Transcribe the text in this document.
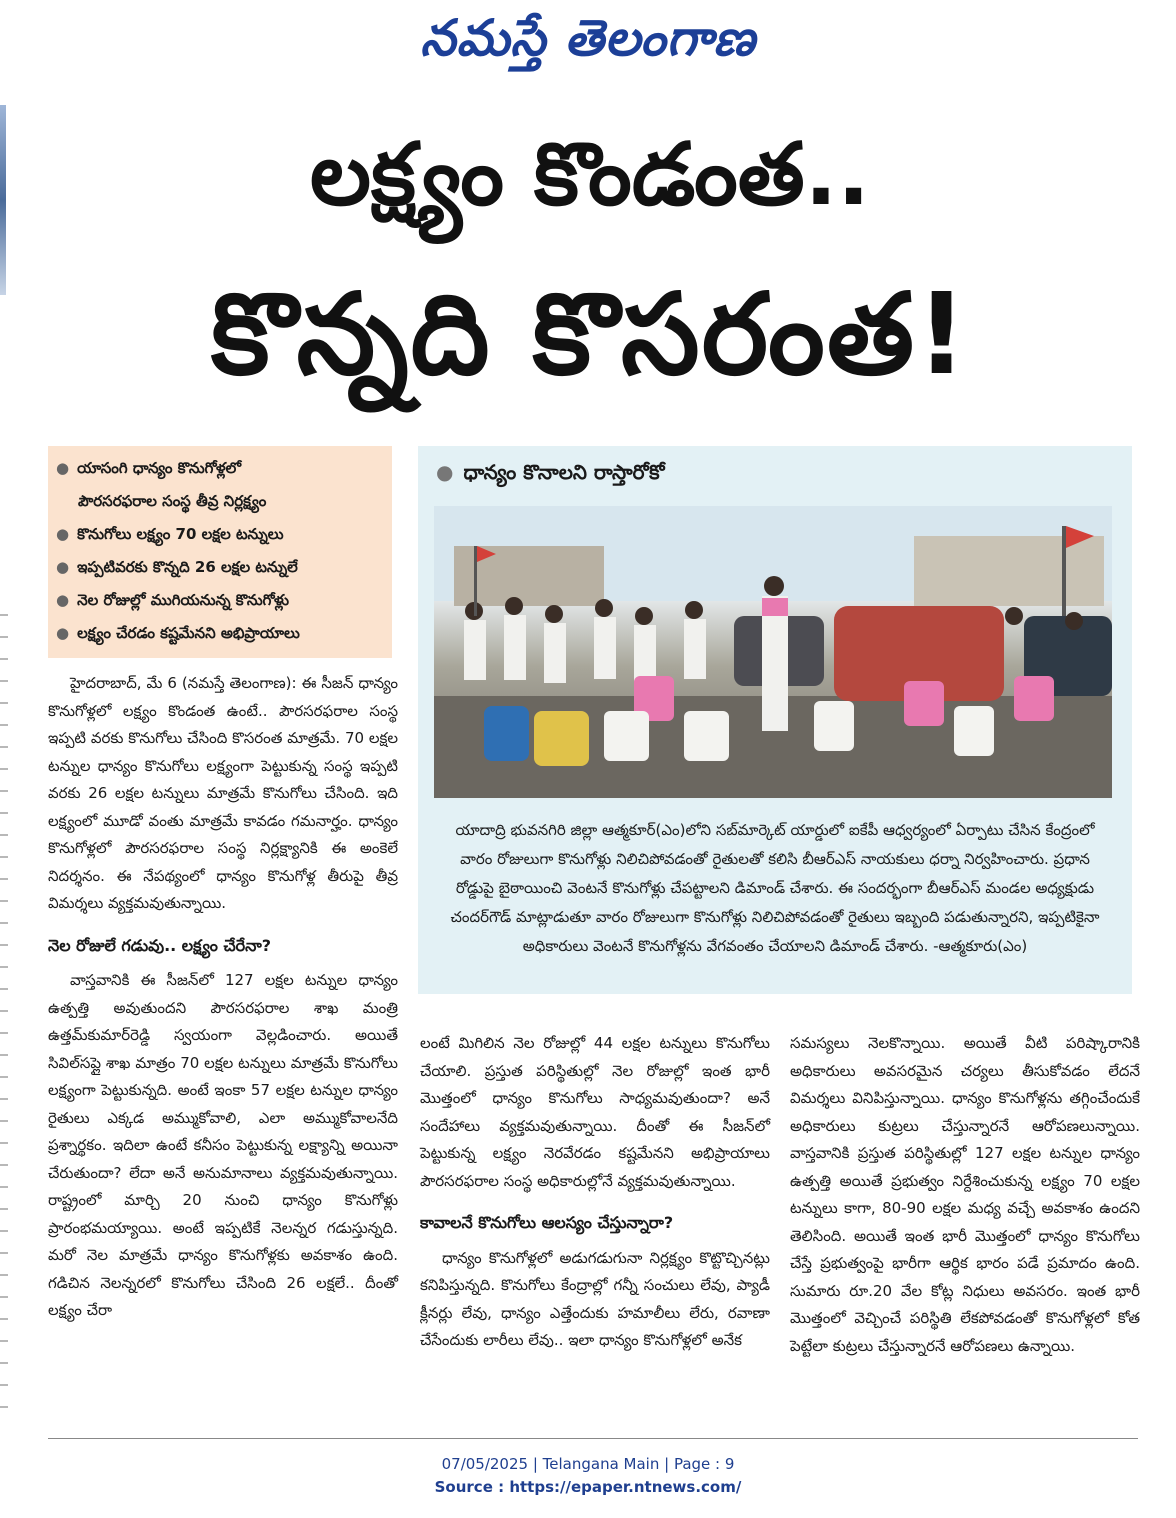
నమస్తే తెలంగాణ
లక్ష్యం కొండంత..
కొన్నది కొసరంత!
● యాసంగి ధాన్యం కొనుగోళ్లలో
పౌరసరఫరాల సంస్థ తీవ్ర నిర్లక్ష్యం
● కొనుగోలు లక్ష్యం 70 లక్షల టన్నులు
● ఇప్పటివరకు కొన్నది 26 లక్షల టన్నులే
● నెల రోజుల్లో ముగియనున్న కొనుగోళ్లు
● లక్ష్యం చేరడం కష్టమేనని అభిప్రాయాలు
● ధాన్యం కొనాలని రాస్తారోకో
యాదాద్రి భువనగిరి జిల్లా ఆత్మకూర్(ఎం)లోని సబ్‌మార్కెట్ యార్డులో ఐకేపీ ఆధ్వర్యంలో ఏర్పాటు చేసిన కేంద్రంలో వారం రోజులుగా కొనుగోళ్లు నిలిచిపోవడంతో రైతులతో కలిసి బీఆర్ఎస్ నాయకులు ధర్నా నిర్వహించారు. ప్రధాన రోడ్డుపై బైఠాయించి వెంటనే కొనుగోళ్లు చేపట్టాలని డిమాండ్ చేశారు. ఈ సందర్భంగా బీఆర్ఎస్ మండల అధ్యక్షుడు చందర్‌గౌడ్ మాట్లాడుతూ వారం రోజులుగా కొనుగోళ్లు నిలిచిపోవడంతో రైతులు ఇబ్బంది పడుతున్నారని, ఇప్పటికైనా అధికారులు వెంటనే కొనుగోళ్లను వేగవంతం చేయాలని డిమాండ్ చేశారు. -ఆత్మకూరు(ఎం)

హైదరాబాద్, మే 6 (నమస్తే తెలంగాణ): ఈ సీజన్ ధాన్యం కొనుగోళ్లలో లక్ష్యం కొండంత ఉంటే.. పౌరసరఫరాల సంస్థ ఇప్పటి వరకు కొనుగోలు చేసింది కొసరంత మాత్రమే. 70 లక్షల టన్నుల ధాన్యం కొనుగోలు లక్ష్యంగా పెట్టుకున్న సంస్థ ఇప్పటి వరకు 26 లక్షల టన్నులు మాత్రమే కొనుగోలు చేసింది. ఇది లక్ష్యంలో మూడో వంతు మాత్రమే కావడం గమనార్హం. ధాన్యం కొనుగోళ్లలో పౌరసరఫరాల సంస్థ నిర్లక్ష్యానికి ఈ అంకెలే నిదర్శనం. ఈ నేపథ్యంలో ధాన్యం కొనుగోళ్ల తీరుపై తీవ్ర విమర్శలు వ్యక్తమవుతున్నాయి.

నెల రోజులే గడువు.. లక్ష్యం చేరేనా?

వాస్తవానికి ఈ సీజన్‌లో 127 లక్షల టన్నుల ధాన్యం ఉత్పత్తి అవుతుందని పౌరసరఫరాల శాఖ మంత్రి ఉత్తమ్‌కుమార్‌రెడ్డి స్వయంగా వెల్లడించారు. అయితే సివిల్‌సప్లై శాఖ మాత్రం 70 లక్షల టన్నులు మాత్రమే కొనుగోలు లక్ష్యంగా పెట్టుకున్నది. అంటే ఇంకా 57 లక్షల టన్నుల ధాన్యం రైతులు ఎక్కడ అమ్ముకోవాలి, ఎలా అమ్ముకోవాలనేది ప్రశ్నార్థకం. ఇదిలా ఉంటే కనీసం పెట్టుకున్న లక్ష్యాన్ని అయినా చేరుతుందా? లేదా అనే అనుమానాలు వ్యక్తమవుతున్నాయి. రాష్ట్రంలో మార్చి 20 నుంచి ధాన్యం కొనుగోళ్లు ప్రారంభమయ్యాయి. అంటే ఇప్పటికే నెలన్నర గడుస్తున్నది. మరో నెల మాత్రమే ధాన్యం కొనుగోళ్లకు అవకాశం ఉంది. గడిచిన నెలన్నరలో కొనుగోలు చేసింది 26 లక్షలే.. దీంతో లక్ష్యం చేరా

లంటే మిగిలిన నెల రోజుల్లో 44 లక్షల టన్నులు కొనుగోలు చేయాలి. ప్రస్తుత పరిస్థితుల్లో నెల రోజుల్లో ఇంత భారీ మొత్తంలో ధాన్యం కొనుగోలు సాధ్యమవుతుందా? అనే సందేహాలు వ్యక్తమవుతున్నాయి. దీంతో ఈ సీజన్‌లో పెట్టుకున్న లక్ష్యం నెరవేరడం కష్టమేనని అభిప్రాయాలు పౌరసరఫరాల సంస్థ అధికారుల్లోనే వ్యక్తమవుతున్నాయి.

కావాలనే కొనుగోలు ఆలస్యం చేస్తున్నారా?

ధాన్యం కొనుగోళ్లలో అడుగడుగునా నిర్లక్ష్యం కొట్టొచ్చినట్లు కనిపిస్తున్నది. కొనుగోలు కేంద్రాల్లో గన్నీ సంచులు లేవు, ప్యాడీ క్లీనర్లు లేవు, ధాన్యం ఎత్తేందుకు హమాలీలు లేరు, రవాణా చేసేందుకు లారీలు లేవు.. ఇలా ధాన్యం కొనుగోళ్లలో అనేక

సమస్యలు నెలకొన్నాయి. అయితే వీటి పరిష్కారానికి అధికారులు అవసరమైన చర్యలు తీసుకోవడం లేదనే విమర్శలు వినిపిస్తున్నాయి. ధాన్యం కొనుగోళ్లను తగ్గించేందుకే అధికారులు కుట్రలు చేస్తున్నారనే ఆరోపణలున్నాయి. వాస్తవానికి ప్రస్తుత పరిస్థితుల్లో 127 లక్షల టన్నుల ధాన్యం ఉత్పత్తి అయితే ప్రభుత్వం నిర్దేశించుకున్న లక్ష్యం 70 లక్షల టన్నులు కాగా, 80-90 లక్షల మధ్య వచ్చే అవకాశం ఉందని తెలిసింది. అయితే ఇంత భారీ మొత్తంలో ధాన్యం కొనుగోలు చేస్తే ప్రభుత్వంపై భారీగా ఆర్థిక భారం పడే ప్రమాదం ఉంది. సుమారు రూ.20 వేల కోట్ల నిధులు అవసరం. ఇంత భారీ మొత్తంలో వెచ్చించే పరిస్థితి లేకపోవడంతో కొనుగోళ్లలో కోత పెట్టేలా కుట్రలు చేస్తున్నారనే ఆరోపణలు ఉన్నాయి.

07/05/2025 | Telangana Main | Page : 9
Source : https://epaper.ntnews.com/
